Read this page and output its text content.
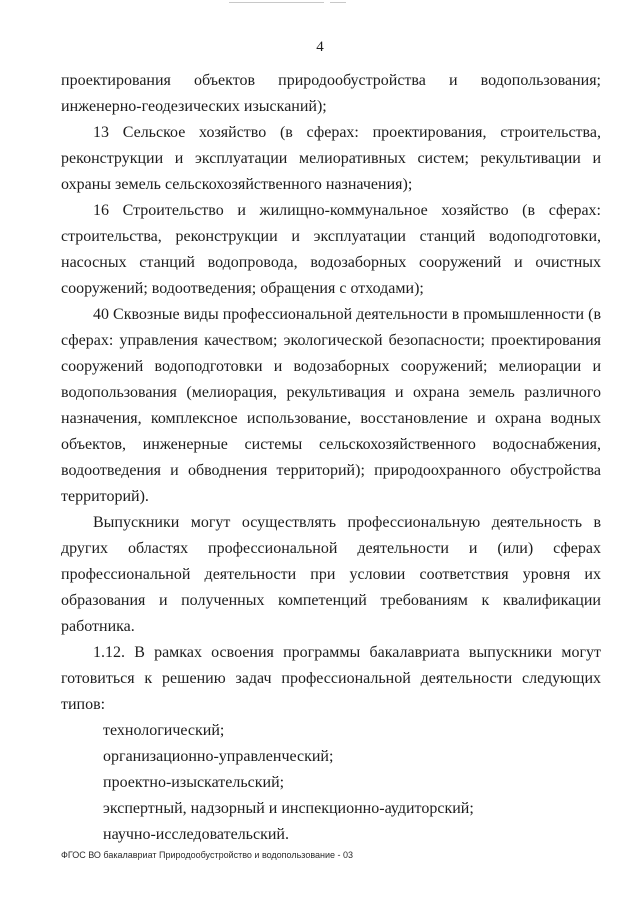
4

проектирования объектов природообустройства и водопользования; инженерно-геодезических изысканий);

13 Сельское хозяйство (в сферах: проектирования, строительства, реконструкции и эксплуатации мелиоративных систем; рекультивации и охраны земель сельскохозяйственного назначения);

16 Строительство и жилищно-коммунальное хозяйство (в сферах: строительства, реконструкции и эксплуатации станций водоподготовки, насосных станций водопровода, водозаборных сооружений и очистных сооружений; водоотведения; обращения с отходами);

40 Сквозные виды профессиональной деятельности в промышленности (в сферах: управления качеством; экологической безопасности; проектирования сооружений водоподготовки и водозаборных сооружений; мелиорации и водопользования (мелиорация, рекультивация и охрана земель различного назначения, комплексное использование, восстановление и охрана водных объектов, инженерные системы сельскохозяйственного водоснабжения, водоотведения и обводнения территорий); природоохранного обустройства территорий).

Выпускники могут осуществлять профессиональную деятельность в других областях профессиональной деятельности и (или) сферах профессиональной деятельности при условии соответствия уровня их образования и полученных компетенций требованиям к квалификации работника.

1.12. В рамках освоения программы бакалавриата выпускники могут готовиться к решению задач профессиональной деятельности следующих типов:

технологический;
организационно-управленческий;
проектно-изыскательский;
экспертный, надзорный и инспекционно-аудиторский;
научно-исследовательский.
ФГОС ВО бакалавриат Природообустройство и водопользование - 03
